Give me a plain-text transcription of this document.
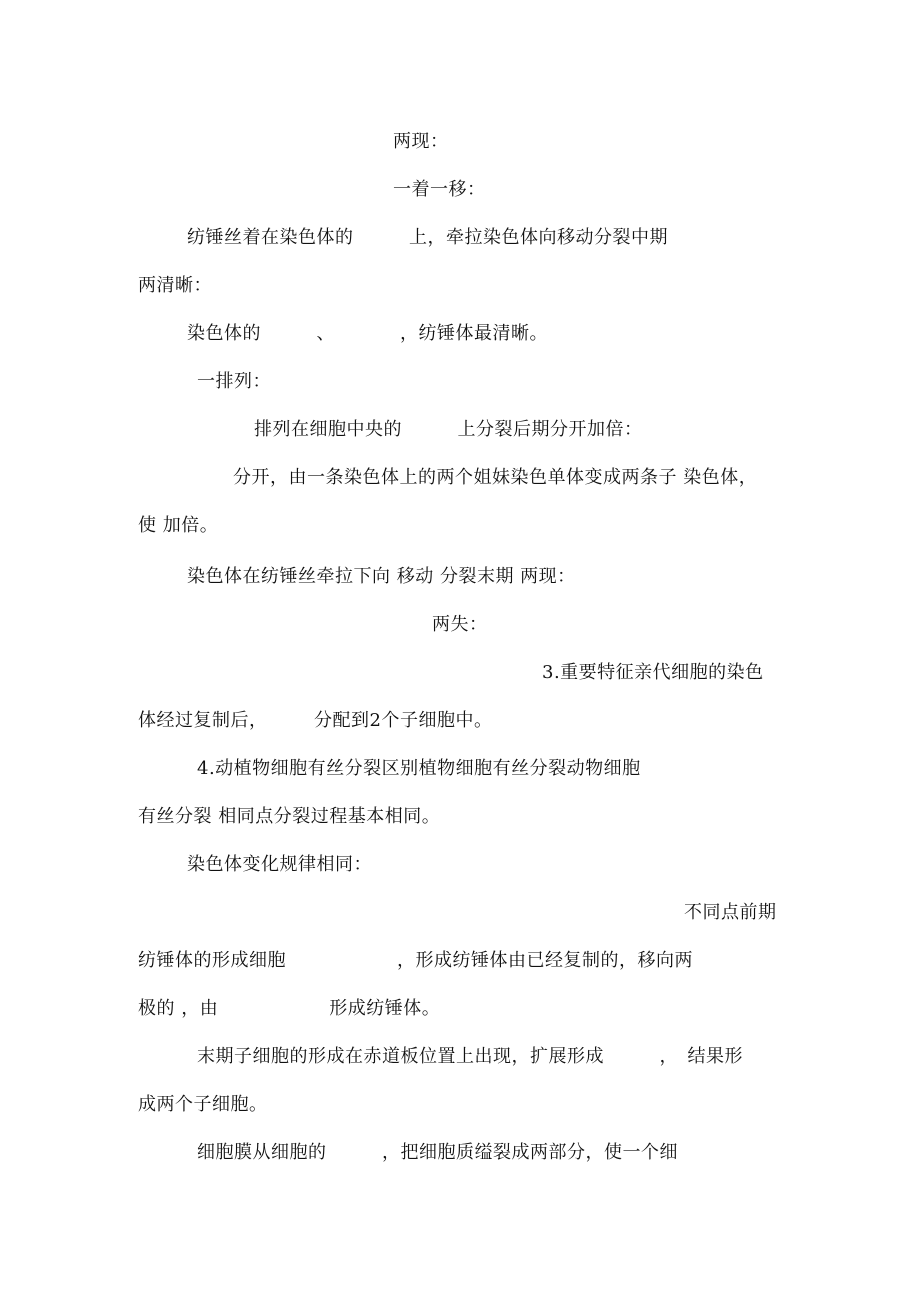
两现：
一着一移：
纺锤丝着在染色体的　　　上，牵拉染色体向移动分裂中期
两清晰：
染色体的　　　、　　　　，纺锤体最清晰。
一排列：
排列在细胞中央的　　　上分裂后期分开加倍：
分开，由一条染色体上的两个姐妹染色单体变成两条子 染色体，
使 加倍。
染色体在纺锤丝牵拉下向 移动 分裂末期 两现：
两失：
3.重要特征亲代细胞的染色
体经过复制后，　　　分配到2个子细胞中。
4.动植物细胞有丝分裂区别植物细胞有丝分裂动物细胞
有丝分裂 相同点分裂过程基本相同。
染色体变化规律相同：
不同点前期
纺锤体的形成细胞　　　　　　，形成纺锤体由已经复制的，移向两
极的 ，由　　　　　　形成纺锤体。
末期子细胞的形成在赤道板位置上出现，扩展形成　　　，　结果形
成两个子细胞。
细胞膜从细胞的　　　，把细胞质缢裂成两部分，使一个细
